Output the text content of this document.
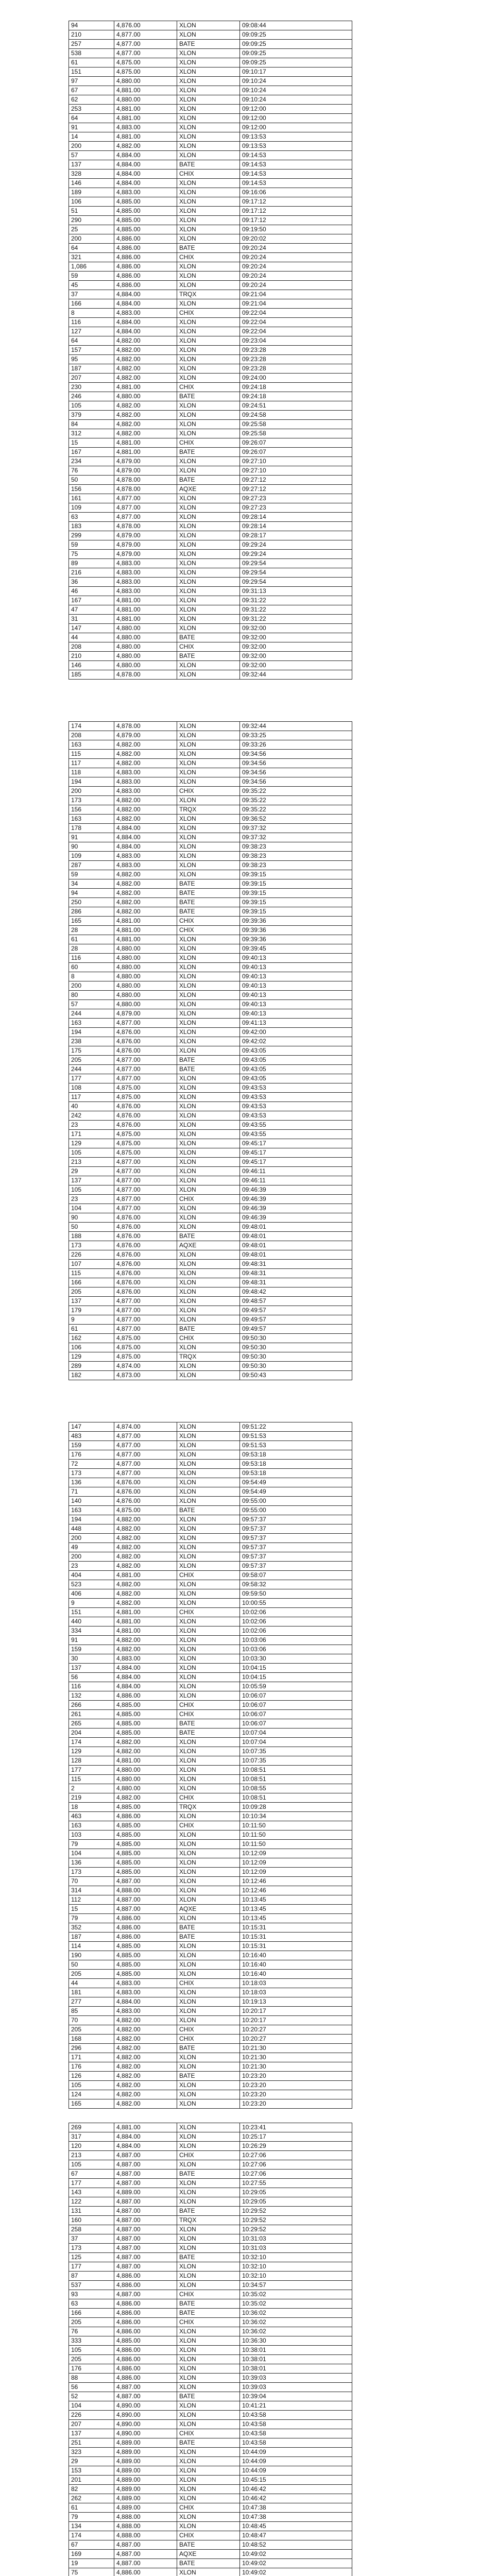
94	4,876.00	XLON	09:08:44
210	4,877.00	XLON	09:09:25
257	4,877.00	BATE	09:09:25
538	4,877.00	XLON	09:09:25
61	4,875.00	XLON	09:09:25
151	4,875.00	XLON	09:10:17
97	4,880.00	XLON	09:10:24
67	4,881.00	XLON	09:10:24
62	4,880.00	XLON	09:10:24
253	4,881.00	XLON	09:12:00
64	4,881.00	XLON	09:12:00
91	4,883.00	XLON	09:12:00
14	4,881.00	XLON	09:13:53
200	4,882.00	XLON	09:13:53
57	4,884.00	XLON	09:14:53
137	4,884.00	BATE	09:14:53
328	4,884.00	CHIX	09:14:53
146	4,884.00	XLON	09:14:53
189	4,883.00	XLON	09:16:06
106	4,885.00	XLON	09:17:12
51	4,885.00	XLON	09:17:12
290	4,885.00	XLON	09:17:12
25	4,885.00	XLON	09:19:50
200	4,886.00	XLON	09:20:02
64	4,886.00	BATE	09:20:24
321	4,886.00	CHIX	09:20:24
1,086	4,886.00	XLON	09:20:24
59	4,886.00	XLON	09:20:24
45	4,886.00	XLON	09:20:24
37	4,884.00	TRQX	09:21:04
166	4,884.00	XLON	09:21:04
8	4,883.00	CHIX	09:22:04
116	4,884.00	XLON	09:22:04
127	4,884.00	XLON	09:22:04
64	4,882.00	XLON	09:23:04
157	4,882.00	XLON	09:23:28
95	4,882.00	XLON	09:23:28
187	4,882.00	XLON	09:23:28
207	4,882.00	XLON	09:24:00
230	4,881.00	CHIX	09:24:18
246	4,880.00	BATE	09:24:18
105	4,882.00	XLON	09:24:51
379	4,882.00	XLON	09:24:58
84	4,882.00	XLON	09:25:58
312	4,882.00	XLON	09:25:58
15	4,881.00	CHIX	09:26:07
167	4,881.00	BATE	09:26:07
234	4,879.00	XLON	09:27:10
76	4,879.00	XLON	09:27:10
50	4,878.00	BATE	09:27:12
156	4,878.00	AQXE	09:27:12
161	4,877.00	XLON	09:27:23
109	4,877.00	XLON	09:27:23
63	4,877.00	XLON	09:28:14
183	4,878.00	XLON	09:28:14
299	4,879.00	XLON	09:28:17
59	4,879.00	XLON	09:29:24
75	4,879.00	XLON	09:29:24
89	4,883.00	XLON	09:29:54
216	4,883.00	XLON	09:29:54
36	4,883.00	XLON	09:29:54
46	4,883.00	XLON	09:31:13
167	4,881.00	XLON	09:31:22
47	4,881.00	XLON	09:31:22
31	4,881.00	XLON	09:31:22
147	4,880.00	XLON	09:32:00
44	4,880.00	BATE	09:32:00
208	4,880.00	CHIX	09:32:00
210	4,880.00	BATE	09:32:00
146	4,880.00	XLON	09:32:00
185	4,878.00	XLON	09:32:44
174	4,878.00	XLON	09:32:44
208	4,879.00	XLON	09:33:25
163	4,882.00	XLON	09:33:26
115	4,882.00	XLON	09:34:56
117	4,882.00	XLON	09:34:56
118	4,883.00	XLON	09:34:56
194	4,883.00	XLON	09:34:56
200	4,883.00	CHIX	09:35:22
173	4,882.00	XLON	09:35:22
156	4,882.00	TRQX	09:35:22
163	4,882.00	XLON	09:36:52
178	4,884.00	XLON	09:37:32
91	4,884.00	XLON	09:37:32
90	4,884.00	XLON	09:38:23
109	4,883.00	XLON	09:38:23
287	4,883.00	XLON	09:38:23
59	4,882.00	XLON	09:39:15
34	4,882.00	BATE	09:39:15
94	4,882.00	BATE	09:39:15
250	4,882.00	BATE	09:39:15
286	4,882.00	BATE	09:39:15
165	4,881.00	CHIX	09:39:36
28	4,881.00	CHIX	09:39:36
61	4,881.00	XLON	09:39:36
28	4,880.00	XLON	09:39:45
116	4,880.00	XLON	09:40:13
60	4,880.00	XLON	09:40:13
8	4,880.00	XLON	09:40:13
200	4,880.00	XLON	09:40:13
80	4,880.00	XLON	09:40:13
57	4,880.00	XLON	09:40:13
244	4,879.00	XLON	09:40:13
163	4,877.00	XLON	09:41:13
194	4,876.00	XLON	09:42:00
238	4,876.00	XLON	09:42:02
175	4,876.00	XLON	09:43:05
205	4,877.00	BATE	09:43:05
244	4,877.00	BATE	09:43:05
177	4,877.00	XLON	09:43:05
108	4,875.00	XLON	09:43:53
117	4,875.00	XLON	09:43:53
40	4,876.00	XLON	09:43:53
242	4,876.00	XLON	09:43:53
23	4,876.00	XLON	09:43:55
171	4,875.00	XLON	09:43:55
129	4,875.00	XLON	09:45:17
105	4,875.00	XLON	09:45:17
213	4,877.00	XLON	09:45:17
29	4,877.00	XLON	09:46:11
137	4,877.00	XLON	09:46:11
105	4,877.00	XLON	09:46:39
23	4,877.00	CHIX	09:46:39
104	4,877.00	XLON	09:46:39
90	4,876.00	XLON	09:46:39
50	4,876.00	XLON	09:48:01
188	4,876.00	BATE	09:48:01
173	4,876.00	AQXE	09:48:01
226	4,876.00	XLON	09:48:01
107	4,876.00	XLON	09:48:31
115	4,876.00	XLON	09:48:31
166	4,876.00	XLON	09:48:31
205	4,876.00	XLON	09:48:42
137	4,877.00	XLON	09:48:57
179	4,877.00	XLON	09:49:57
9	4,877.00	XLON	09:49:57
61	4,877.00	BATE	09:49:57
162	4,875.00	CHIX	09:50:30
106	4,875.00	XLON	09:50:30
129	4,875.00	TRQX	09:50:30
289	4,874.00	XLON	09:50:30
182	4,873.00	XLON	09:50:43
147	4,874.00	XLON	09:51:22
483	4,877.00	XLON	09:51:53
159	4,877.00	XLON	09:51:53
176	4,877.00	XLON	09:53:18
72	4,877.00	XLON	09:53:18
173	4,877.00	XLON	09:53:18
136	4,876.00	XLON	09:54:49
71	4,876.00	XLON	09:54:49
140	4,876.00	XLON	09:55:00
163	4,875.00	BATE	09:55:00
194	4,882.00	XLON	09:57:37
448	4,882.00	XLON	09:57:37
200	4,882.00	XLON	09:57:37
49	4,882.00	XLON	09:57:37
200	4,882.00	XLON	09:57:37
23	4,882.00	XLON	09:57:37
404	4,881.00	CHIX	09:58:07
523	4,882.00	XLON	09:58:32
406	4,882.00	XLON	09:59:50
9	4,882.00	XLON	10:00:55
151	4,881.00	CHIX	10:02:06
440	4,881.00	XLON	10:02:06
334	4,881.00	XLON	10:02:06
91	4,882.00	XLON	10:03:06
159	4,882.00	XLON	10:03:06
30	4,883.00	XLON	10:03:30
137	4,884.00	XLON	10:04:15
56	4,884.00	XLON	10:04:15
116	4,884.00	XLON	10:05:59
132	4,886.00	XLON	10:06:07
266	4,885.00	CHIX	10:06:07
261	4,885.00	CHIX	10:06:07
265	4,885.00	BATE	10:06:07
204	4,885.00	BATE	10:07:04
174	4,882.00	XLON	10:07:04
129	4,882.00	XLON	10:07:35
128	4,881.00	XLON	10:07:35
177	4,880.00	XLON	10:08:51
115	4,880.00	XLON	10:08:51
2	4,880.00	XLON	10:08:55
219	4,882.00	CHIX	10:08:51
18	4,885.00	TRQX	10:09:28
463	4,886.00	XLON	10:10:34
163	4,885.00	CHIX	10:11:50
103	4,885.00	XLON	10:11:50
79	4,885.00	XLON	10:11:50
104	4,885.00	XLON	10:12:09
136	4,885.00	XLON	10:12:09
173	4,885.00	XLON	10:12:09
70	4,887.00	XLON	10:12:46
314	4,888.00	XLON	10:12:46
112	4,887.00	XLON	10:13:45
15	4,887.00	AQXE	10:13:45
79	4,886.00	XLON	10:13:45
352	4,886.00	BATE	10:15:31
187	4,886.00	BATE	10:15:31
114	4,885.00	XLON	10:15:31
190	4,885.00	XLON	10:16:40
50	4,885.00	XLON	10:16:40
205	4,885.00	XLON	10:16:40
44	4,883.00	CHIX	10:18:03
181	4,883.00	XLON	10:18:03
277	4,884.00	XLON	10:19:13
85	4,883.00	XLON	10:20:17
70	4,882.00	XLON	10:20:17
205	4,882.00	CHIX	10:20:27
168	4,882.00	CHIX	10:20:27
296	4,882.00	BATE	10:21:30
171	4,882.00	XLON	10:21:30
176	4,882.00	XLON	10:21:30
126	4,882.00	BATE	10:23:20
105	4,882.00	XLON	10:23:20
124	4,882.00	XLON	10:23:20
165	4,882.00	XLON	10:23:20
269	4,881.00	XLON	10:23:41
317	4,884.00	XLON	10:25:17
120	4,884.00	XLON	10:26:29
213	4,887.00	CHIX	10:27:06
105	4,887.00	XLON	10:27:06
67	4,887.00	BATE	10:27:06
177	4,887.00	XLON	10:27:55
143	4,889.00	XLON	10:29:05
122	4,887.00	XLON	10:29:05
131	4,887.00	BATE	10:29:52
160	4,887.00	TRQX	10:29:52
258	4,887.00	XLON	10:29:52
37	4,887.00	XLON	10:31:03
173	4,887.00	XLON	10:31:03
125	4,887.00	BATE	10:32:10
177	4,887.00	XLON	10:32:10
87	4,886.00	XLON	10:32:10
537	4,886.00	XLON	10:34:57
93	4,887.00	CHIX	10:35:02
63	4,886.00	BATE	10:35:02
166	4,886.00	BATE	10:36:02
205	4,886.00	CHIX	10:36:02
76	4,886.00	XLON	10:36:02
333	4,885.00	XLON	10:36:30
105	4,886.00	XLON	10:38:01
205	4,886.00	XLON	10:38:01
176	4,886.00	XLON	10:38:01
88	4,886.00	XLON	10:39:03
56	4,887.00	XLON	10:39:03
52	4,887.00	BATE	10:39:04
104	4,890.00	XLON	10:41:21
226	4,890.00	XLON	10:43:58
207	4,890.00	XLON	10:43:58
137	4,890.00	CHIX	10:43:58
251	4,889.00	BATE	10:43:58
323	4,889.00	XLON	10:44:09
29	4,889.00	XLON	10:44:09
153	4,889.00	XLON	10:44:09
201	4,889.00	XLON	10:45:15
82	4,889.00	XLON	10:46:42
262	4,889.00	XLON	10:46:42
61	4,889.00	CHIX	10:47:38
79	4,888.00	XLON	10:47:38
134	4,888.00	XLON	10:48:45
174	4,888.00	CHIX	10:48:47
67	4,887.00	BATE	10:48:52
169	4,887.00	AQXE	10:49:02
19	4,887.00	BATE	10:49:02
75	4,886.00	XLON	10:49:02
